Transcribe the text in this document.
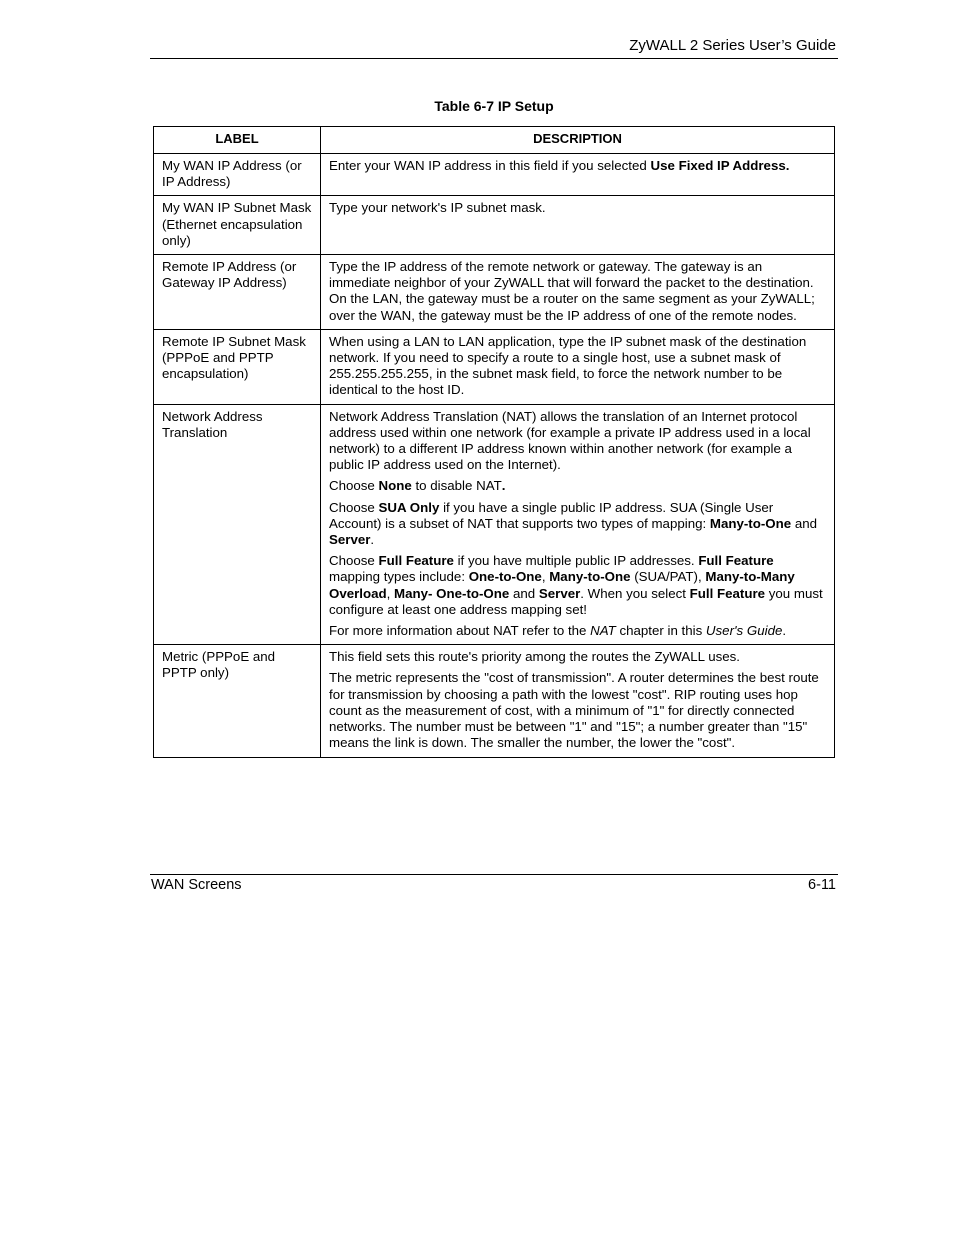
ZyWALL 2 Series User’s Guide
Table 6-7 IP Setup
LABEL	DESCRIPTION
My WAN IP Address (or IP Address)	Enter your WAN IP address in this field if you selected Use Fixed IP Address.

My WAN IP Subnet Mask (Ethernet encapsulation only)	Type your network's IP subnet mask.

Remote IP Address (or Gateway IP Address)	Type the IP address of the remote network or gateway. The gateway is an immediate neighbor of your ZyWALL that will forward the packet to the destination. On the LAN, the gateway must be a router on the same segment as your ZyWALL; over the WAN, the gateway must be the IP address of one of the remote nodes.

Remote IP Subnet Mask (PPPoE and PPTP encapsulation)	When using a LAN to LAN application, type the IP subnet mask of the destination network. If you need to specify a route to a single host, use a subnet mask of 255.255.255.255, in the subnet mask field, to force the network number to be identical to the host ID.

Network Address Translation	Network Address Translation (NAT) allows the translation of an Internet protocol address used within one network (for example a private IP address used in a local network) to a different IP address known within another network (for example a public IP address used on the Internet).

Choose None to disable NAT.

Choose SUA Only if you have a single public IP address. SUA (Single User Account) is a subset of NAT that supports two types of mapping: Many-to-One and Server.

Choose Full Feature if you have multiple public IP addresses. Full Feature mapping types include: One-to-One, Many-to-One (SUA/PAT), Many-to-Many Overload, Many- One-to-One and Server. When you select Full Feature you must configure at least one address mapping set!

For more information about NAT refer to the NAT chapter in this User's Guide.

Metric (PPPoE and PPTP only)	This field sets this route's priority among the routes the ZyWALL uses.

The metric represents the "cost of transmission". A router determines the best route for transmission by choosing a path with the lowest "cost". RIP routing uses hop count as the measurement of cost, with a minimum of "1" for directly connected networks. The number must be between "1" and "15"; a number greater than "15" means the link is down. The smaller the number, the lower the "cost".

WAN Screens	6-11
